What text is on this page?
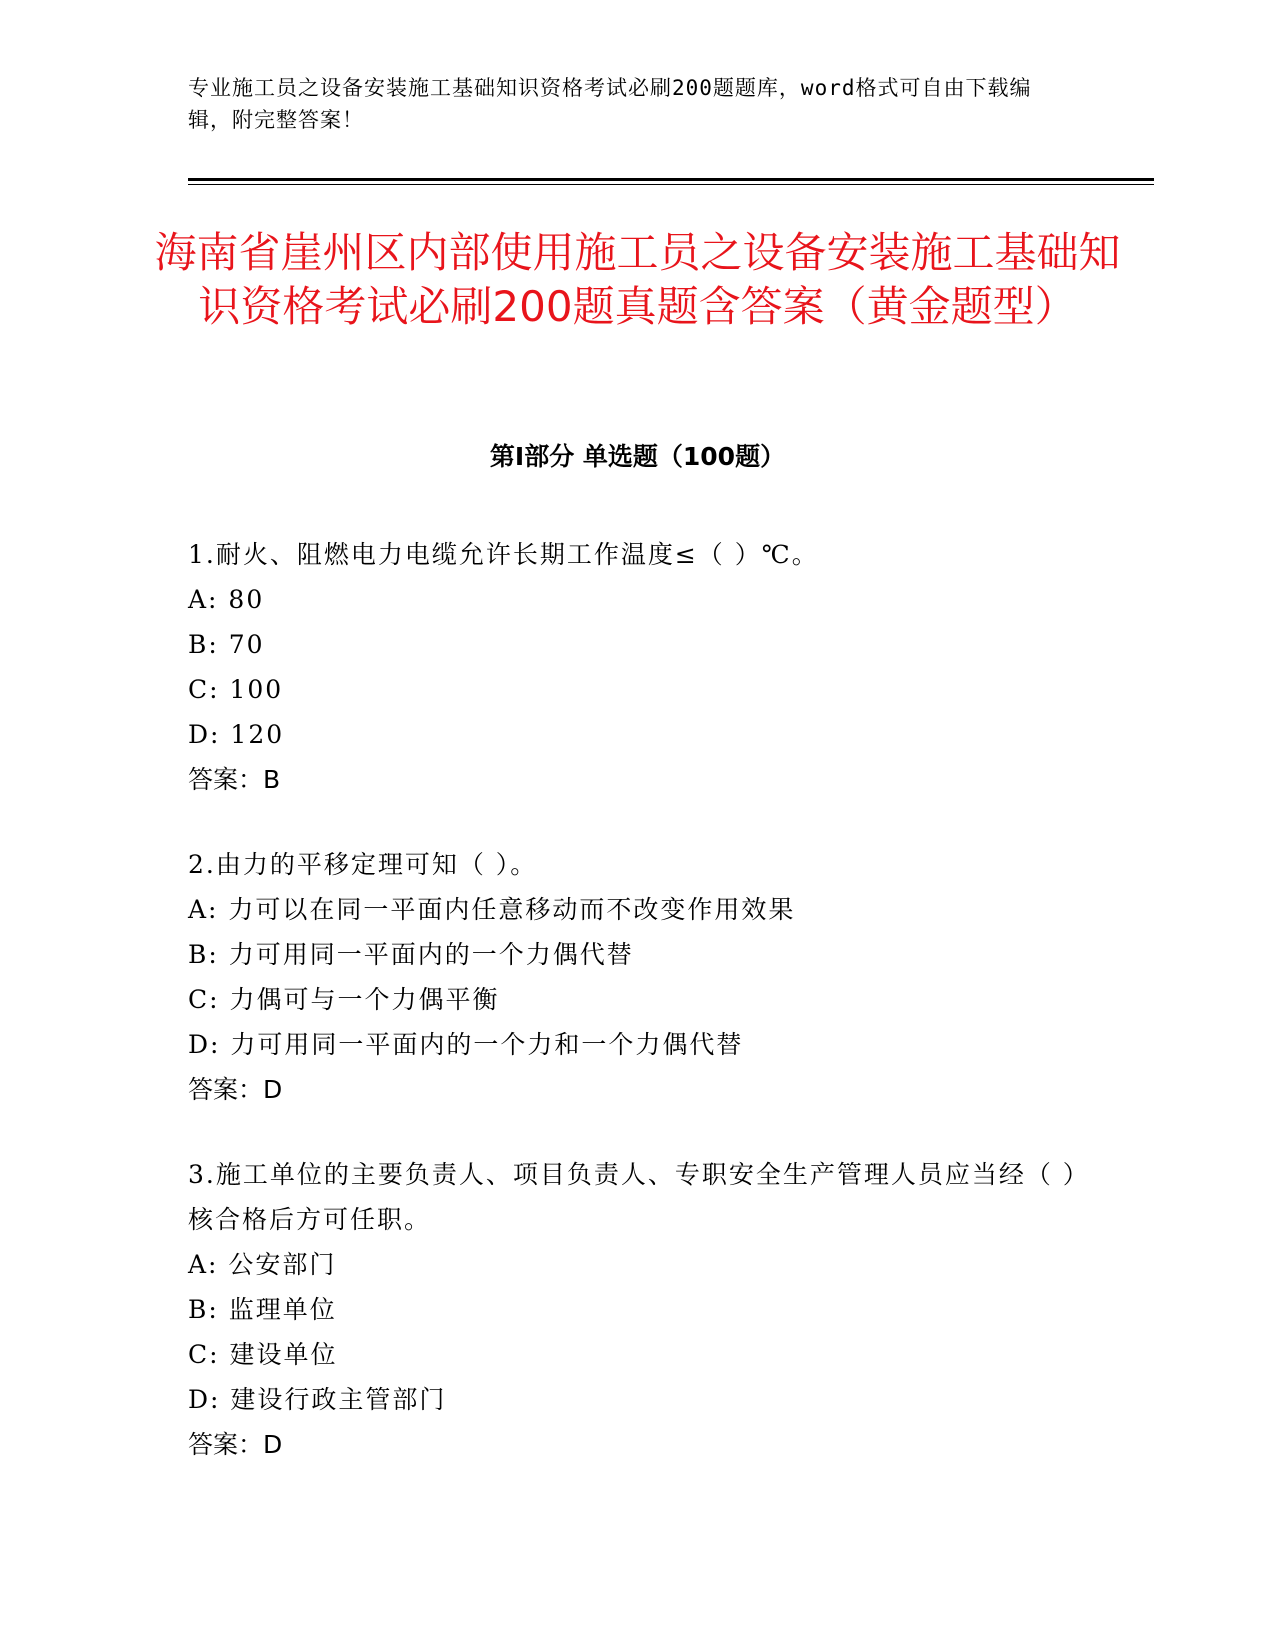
专业施工员之设备安装施工基础知识资格考试必刷200题题库，word格式可自由下载编辑，附完整答案！

海南省崖州区内部使用施工员之设备安装施工基础知识资格考试必刷200题真题含答案（黄金题型）
第I部分 单选题（100题）

1.耐火、阻燃电力电缆允许长期工作温度≤（ ）℃。

A: 80

B: 70

C: 100

D: 120

答案：B

2.由力的平移定理可知（ ）。

A: 力可以在同一平面内任意移动而不改变作用效果

B: 力可用同一平面内的一个力偶代替

C: 力偶可与一个力偶平衡

D: 力可用同一平面内的一个力和一个力偶代替

答案：D

3.施工单位的主要负责人、项目负责人、专职安全生产管理人员应当经（ ）核合格后方可任职。

A: 公安部门

B: 监理单位

C: 建设单位

D: 建设行政主管部门

答案：D
